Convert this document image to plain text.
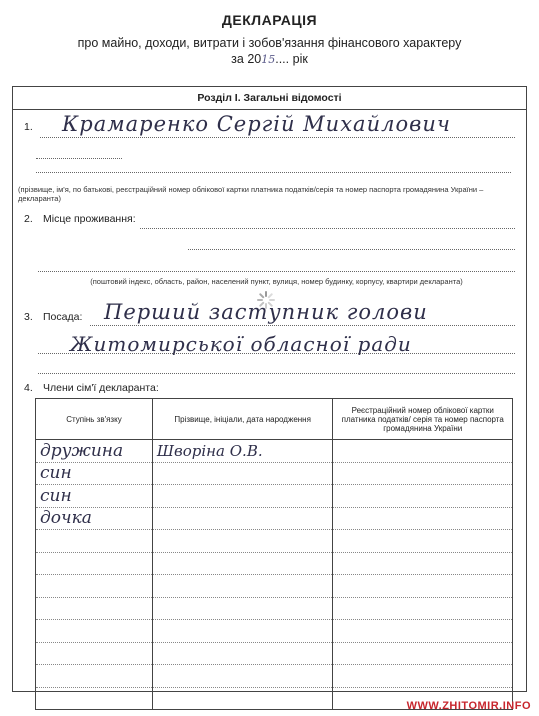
ДЕКЛАРАЦІЯ
про майно, доходи, витрати і зобов'язання фінансового характеру
за 2015.... рік
Розділ І. Загальні відомості
1. Крамаренко Сергій Михайлович
(прізвище, ім'я, по батькові, реєстраційний номер облікової картки платника податків/серія та номер паспорта громадянина України – декларанта)
2. Місце проживання:
(поштовий індекс, область, район, населений пункт, вулиця, номер будинку, корпусу, квартири декларанта)
3. Посада: Перший заступник голови
Житомирської обласної ради
4. Члени сім'ї декларанта:
Ступінь зв'язку	Прізвище, ініціали, дата народження	Реєстраційний номер облікової картки платника податків/ серія та номер паспорта громадянина України
дружина	Шворіна О.В.	
син		
син		
дочка		

WWW.ZHITOMIR.INFO
